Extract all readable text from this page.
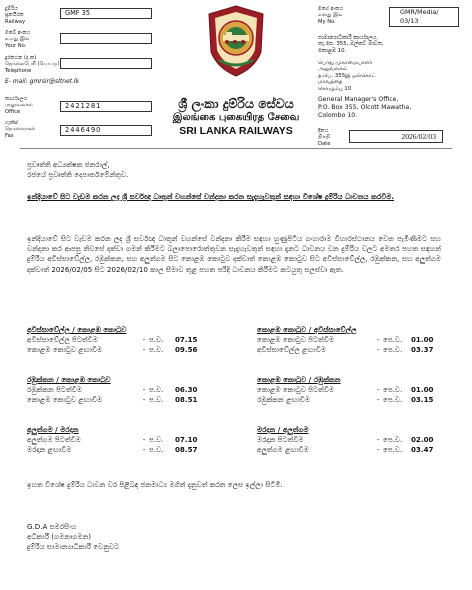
දුම්රිය
ප්‍රකයිරත
Railway
GMF 35
ඔබේ අංකය
உமது இல
Your No.
දුරකථන (ද.ක)
தொலைபேசி (பொ.மு)
Telephone
E- mail: gmrsir@sltnet.lk
කාර්යාලය
அலுவலகம்
Office
2421281
ෆැක්ස්
தொலைநகல்
Fax
2446490
ශ්‍රී ලංකා දුම්රිය සේවය
இலங்கை புகையிரத சேவை
SRI LANKA RAILWAYS
මගේ අංකය
எனது இல
My No.
GMR/Media/ 03/13
සාමාන්‍යාධිකාරී කාර්යාලය,
තැ.පෙ. 355, ඔල්කට් මාවත,
කොළඹ 10.
பொது முகாமையாளர்
அலுவலகம்
த.பெ. 355இ ஒல்கொட்
மாவத்தை
கொழும்பு 10
General Manager's Office,
P.O. Box 355, Olcott Mawatha,
Colombo 10.
දිනය
திகதி
Date
2026/02/03
ප්‍රවෘත්ති අධ්‍යක්ෂක ජනරාල්,
රජයේ ප්‍රවෘත්ති දෙපාර්තමේන්තුව.
ඉන්දියාවේ සිට වැඩම කරන ලද ශ්‍රී සර්වඥ ධාතූන් වහන්සේ වන්දනා කරන සැදැහැවතුන් සඳහා විශේෂ දුම්රිය ධාවනය කරවීම.
ඉන්දියාවේ සිට වැඩම කරන ලද ශ්‍රී සර්වඥ ධාතූන් වහන්සේ වන්දනා කිරීම සඳහා හුණුපිටිය ගංගාරාම විහාරස්ථානය වෙත පැමිණීමට සහ වන්දනා කර ආපසු නිවසේ දක්වා ගමන් කිරීමට බලාපොරොත්තුවන සැදැහැවතුන් සඳහා දැනට ධාවනය වන දුම්රිය වලට අමතර පහත සඳහන් දුම්රිය අවිස්සාවේල්ල, රඹුක්කන, සහ අලුත්ගම සිට කොළඹ කොටුව දක්වාත් කොළඹ කොටුව සිට අවිස්සාවේල්ල, රඹුක්කන, සහ අලුත්ගම දක්වාත් 2026/02/05 සිට 2026/02/10 කාල සීමාව තුළ පහත පරිදි ධාවනය කිරීමට කටයුතු සලස්වා ඇත.
අවිස්සාවේල්ල / කොළඹ කොටුව
අවිස්සාවේල්ල පිටත්වීම	- ප.ව.	07.15
කොළඹ කොටුව ළඟාවීම	- ප.ව.	09.56
කොළඹ කොටුව / අවිස්සාවේල්ල
කොළඹ කොටුව පිටත්වීම	- පෙ.ව.	01.00
අවිස්සාවේල්ල ළඟාවීම	- පෙ.ව.	03.37
රඹුක්කන / කොළඹ කොටුව
රඹුක්කන පිටත්වීම	- ප.ව.	06.30
කොළඹ කොටුව ළඟාවීම	- ප.ව.	08.51
කොළඹ කොටුව / රඹුක්කන
කොළඹ කොටුව පිටත්වීම	- පෙ.ව.	01.00
රඹුක්කන ළඟාවීම	- පෙ.ව.	03.15
අලුත්ගම / මරදාන
අලුත්ගම පිටත්වීම	- ප.ව.	07.10
මරදාන ළඟාවීම	- ප.ව.	08.57
මරදාන / අලුත්ගම
මරදාන පිටත්වීම	- පෙ.ව.	02.00
අලුත්ගම ළඟාවීම	- පෙ.ව.	03.47
ඉහත විශේෂ දුම්රිය ධාවන වර පිළිබඳ ජනමාධ්‍ය මගින් දැනුවත් කරන ලෙස ඉල්ලා සිටිමි.
G.D.A සමරසිංහ
අධිකාරී (ගමනාගමන)
දුම්රිය සාමාන්‍යාධිකාරී වෙනුවට
